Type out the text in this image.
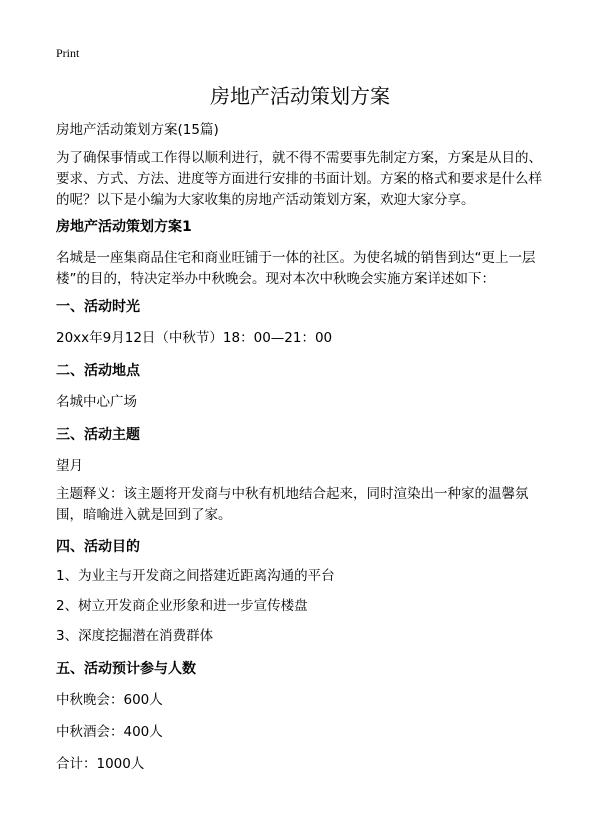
Print
房地产活动策划方案
房地产活动策划方案(15篇)
为了确保事情或工作得以顺利进行，就不得不需要事先制定方案，方案是从目的、要求、方式、方法、进度等方面进行安排的书面计划。方案的格式和要求是什么样的呢？以下是小编为大家收集的房地产活动策划方案，欢迎大家分享。
房地产活动策划方案1
名城是一座集商品住宅和商业旺铺于一体的社区。为使名城的销售到达“更上一层楼”的目的，特决定举办中秋晚会。现对本次中秋晚会实施方案详述如下：
一、活动时光
20xx年9月12日（中秋节）18：00—21：00
二、活动地点
名城中心广场
三、活动主题
望月
主题释义：该主题将开发商与中秋有机地结合起来，同时渲染出一种家的温馨氛围，暗喻进入就是回到了家。
四、活动目的
1、为业主与开发商之间搭建近距离沟通的平台
2、树立开发商企业形象和进一步宣传楼盘
3、深度挖掘潜在消费群体
五、活动预计参与人数
中秋晚会：600人
中秋酒会：400人
合计：1000人
